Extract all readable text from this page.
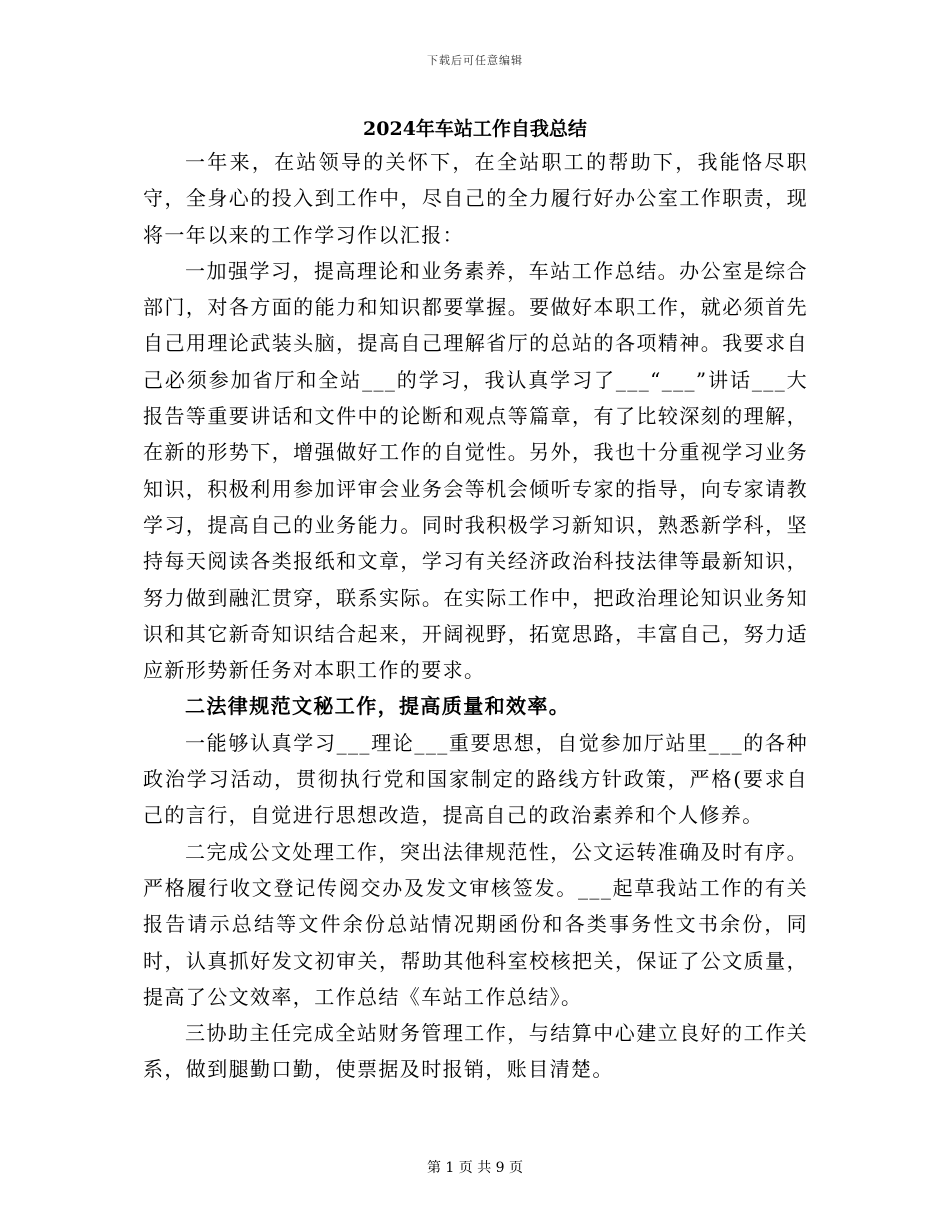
下载后可任意编辑
2024年车站工作自我总结

一年来，在站领导的关怀下，在全站职工的帮助下，我能恪尽职守，全身心的投入到工作中，尽自己的全力履行好办公室工作职责，现将一年以来的工作学习作以汇报：

一加强学习，提高理论和业务素养，车站工作总结。办公室是综合部门，对各方面的能力和知识都要掌握。要做好本职工作，就必须首先自己用理论武装头脑，提高自己理解省厅的总站的各项精神。我要求自己必须参加省厅和全站___的学习，我认真学习了___“___”讲话___大报告等重要讲话和文件中的论断和观点等篇章，有了比较深刻的理解，在新的形势下，增强做好工作的自觉性。另外，我也十分重视学习业务知识，积极利用参加评审会业务会等机会倾听专家的指导，向专家请教学习，提高自己的业务能力。同时我积极学习新知识，熟悉新学科，坚持每天阅读各类报纸和文章，学习有关经济政治科技法律等最新知识，努力做到融汇贯穿，联系实际。在实际工作中，把政治理论知识业务知识和其它新奇知识结合起来，开阔视野，拓宽思路，丰富自己，努力适应新形势新任务对本职工作的要求。

二法律规范文秘工作，提高质量和效率。

一能够认真学习___理论___重要思想，自觉参加厅站里___的各种政治学习活动，贯彻执行党和国家制定的路线方针政策，严格(要求自己的言行，自觉进行思想改造，提高自己的政治素养和个人修养。

二完成公文处理工作，突出法律规范性，公文运转准确及时有序。严格履行收文登记传阅交办及发文审核签发。___起草我站工作的有关报告请示总结等文件余份总站情况期函份和各类事务性文书余份，同时，认真抓好发文初审关，帮助其他科室校核把关，保证了公文质量，提高了公文效率，工作总结《车站工作总结》。

三协助主任完成全站财务管理工作，与结算中心建立良好的工作关系，做到腿勤口勤，使票据及时报销，账目清楚。

第 1 页 共 9 页
